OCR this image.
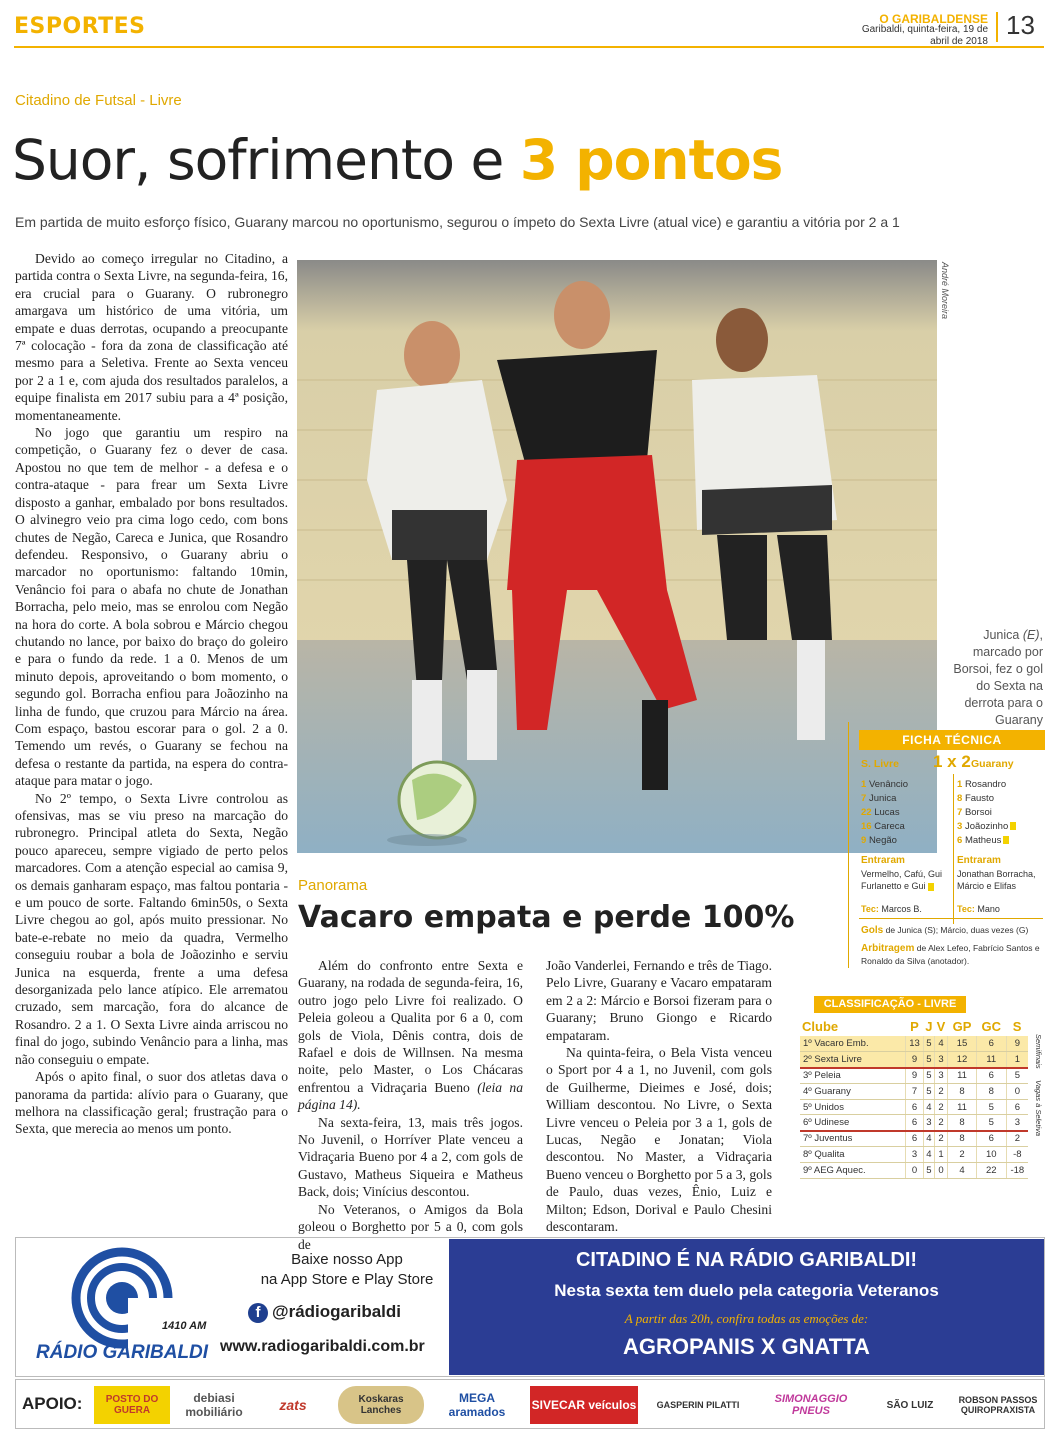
ESPORTES	O GARIBALDENSE
Garibaldi, quinta-feira, 19 de abril de 2018
13
Citadino de Futsal - Livre
Suor, sofrimento e 3 pontos
Em partida de muito esforço físico, Guarany marcou no oportunismo, segurou o ímpeto do Sexta Livre (atual vice) e garantiu a vitória por 2 a 1

Devido ao começo irregular no Citadino, a partida contra o Sexta Livre, na segunda-feira, 16, era crucial para o Guarany. O rubronegro amargava um histórico de uma vitória, um empate e duas derrotas, ocupando a preocupante 7ª colocação - fora da zona de classificação até mesmo para a Seletiva. Frente ao Sexta venceu por 2 a 1 e, com ajuda dos resultados paralelos, a equipe finalista em 2017 subiu para a 4ª posição, momentaneamente.

No jogo que garantiu um respiro na competição, o Guarany fez o dever de casa. Apostou no que tem de melhor - a defesa e o contra-ataque - para frear um Sexta Livre disposto a ganhar, embalado por bons resultados. O alvinegro veio pra cima logo cedo, com bons chutes de Negão, Careca e Junica, que Rosandro defendeu. Responsivo, o Guarany abriu o marcador no oportunismo: faltando 10min, Venâncio foi para o abafa no chute de Jonathan Borracha, pelo meio, mas se enrolou com Negão na hora do corte. A bola sobrou e Márcio chegou chutando no lance, por baixo do braço do goleiro e para o fundo da rede. 1 a 0. Menos de um minuto depois, aproveitando o bom momento, o segundo gol. Borracha enfiou para Joãozinho na linha de fundo, que cruzou para Márcio na área. Com espaço, bastou escorar para o gol. 2 a 0. Temendo um revés, o Guarany se fechou na defesa o restante da partida, na espera do contra-ataque para matar o jogo.

No 2º tempo, o Sexta Livre controlou as ofensivas, mas se viu preso na marcação do rubronegro. Principal atleta do Sexta, Negão pouco apareceu, sempre vigiado de perto pelos marcadores. Com a atenção especial ao camisa 9, os demais ganharam espaço, mas faltou pontaria - e um pouco de sorte. Faltando 6min50s, o Sexta Livre chegou ao gol, após muito pressionar. No bate-e-rebate no meio da quadra, Vermelho conseguiu roubar a bola de Joãozinho e serviu Junica na esquerda, frente a uma defesa desorganizada pelo lance atípico. Ele arrematou cruzado, sem marcação, fora do alcance de Rosandro. 2 a 1. O Sexta Livre ainda arriscou no final do jogo, subindo Venâncio para a linha, mas não conseguiu o empate.

Após o apito final, o suor dos atletas dava o panorama da partida: alívio para o Guarany, que melhora na classificação geral; frustração para o Sexta, que merecia ao menos um ponto.

André Moreira
Junica (E), marcado por Borsoi, fez o gol do Sexta na derrota para o Guarany
FICHA TÉCNICA
S. Livre 1 x 2 Guarany
1 Venâncio
7 Junica
22 Lucas
16 Careca
9 Negão
1 Rosandro
8 Fausto
7 Borsoi
3 Joãozinho
6 Matheus
Entraram
Vermelho, Cafú, Gui Furlanetto e Gui
Entraram
Jonathan Borracha, Márcio e Elifas
Tec: Marcos B.	Tec: Mano
Gols de Junica (S); Márcio, duas vezes (G)
Arbitragem de Alex Lefeo, Fabrício Santos e Ronaldo da Silva (anotador).
Panorama
Vacaro empata e perde 100%

Além do confronto entre Sexta e Guarany, na rodada de segunda-feira, 16, outro jogo pelo Livre foi realizado. O Peleia goleou a Qualita por 6 a 0, com gols de Viola, Dênis contra, dois de Rafael e dois de Willnsen. Na mesma noite, pelo Master, o Los Chácaras enfrentou a Vidraçaria Bueno (leia na página 14).

Na sexta-feira, 13, mais três jogos. No Juvenil, o Horríver Plate venceu a Vidraçaria Bueno por 4 a 2, com gols de Gustavo, Matheus Siqueira e Matheus Back, dois; Vinícius descontou.

No Veteranos, o Amigos da Bola goleou o Borghetto por 5 a 0, com gols de

João Vanderlei, Fernando e três de Tiago. Pelo Livre, Guarany e Vacaro empataram em 2 a 2: Márcio e Borsoi fizeram para o Guarany; Bruno Giongo e Ricardo empataram.

Na quinta-feira, o Bela Vista venceu o Sport por 4 a 1, no Juvenil, com gols de Guilherme, Dieimes e José, dois; William descontou. No Livre, o Sexta Livre venceu o Peleia por 3 a 1, gols de Lucas, Negão e Jonatan; Viola descontou. No Master, a Vidraçaria Bueno venceu o Borghetto por 5 a 3, gols de Paulo, duas vezes, Ênio, Luiz e Milton; Edson, Dorival e Paulo Chesini descontaram.

CLASSIFICAÇÃO - LIVRE
Clube	P	J	V	GP	GC	S
1º Vacaro Emb.	13	5	4	15	6	9
2º Sexta Livre	9	5	3	12	11	1
3º Peleia	9	5	3	11	6	5
4º Guarany	7	5	2	8	8	0
5º Unidos	6	4	2	11	5	6
6º Udinese	6	3	2	8	5	3
7º Juventus	6	4	2	8	6	2
8º Qualita	3	4	1	2	10	-8
9º AEG Aquec.	0	5	0	4	22	-18
Semifinais
Vagas à Seletiva
1410 AM
RÁDIO GARIBALDI
Baixe nosso App
na App Store e Play Store
f @rádiogaribaldi
www.radiogaribaldi.com.br
CITADINO É NA RÁDIO GARIBALDI!
Nesta sexta tem duelo pela categoria Veteranos
A partir das 20h, confira todas as emoções de:
AGROPANIS X GNATTA
APOIO:	POSTO DO GUERA
debiasi mobiliário	zats	Koskaras Lanches
MEGA aramados	SIVECAR veículos	GASPERIN PILATTI	SIMONAGGIO PNEUS	SÃO LUIZ	ROBSON PASSOS QUIROPRAXISTA
